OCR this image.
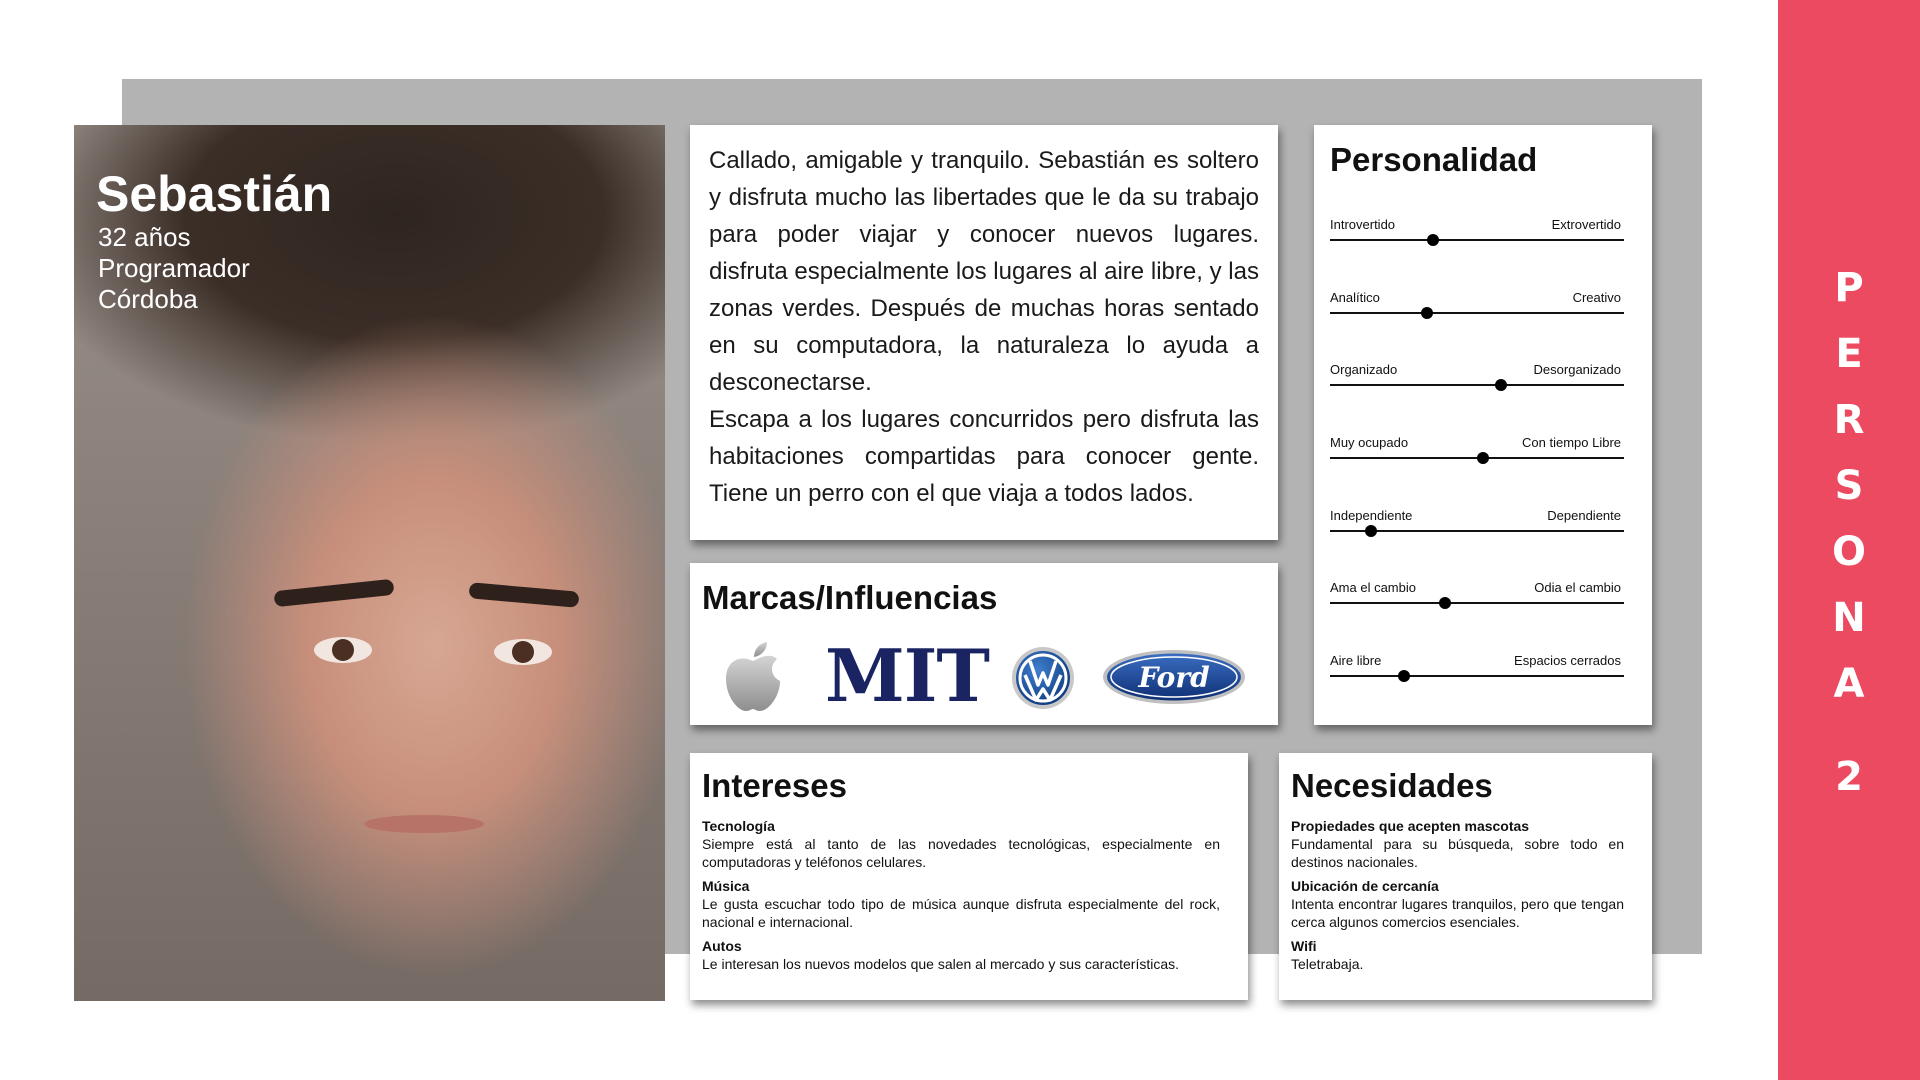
P
E
R
S
O
N
A
2
Sebastián
32 años
Programador
Córdoba

Callado, amigable y tranquilo. Sebastián es soltero y disfruta mucho las libertades que le da su trabajo para poder viajar y conocer nuevos lugares. disfruta especialmente los lugares al aire libre, y las zonas verdes. Después de muchas horas sentado en su computadora, la naturaleza lo ayuda a desconectarse.

Escapa a los lugares concurridos pero disfruta las habitaciones compartidas para conocer gente. Tiene un perro con el que viaja a todos lados.

Marcas/Influencias
MIT	Ford
Personalidad
Introvertido	Extrovertido
Analítico	Creativo
Organizado	Desorganizado
Muy ocupado	Con tiempo Libre
Independiente	Dependiente
Ama el cambio	Odia el cambio
Aire libre	Espacios cerrados
Intereses
Tecnología
Siempre está al tanto de las novedades tecnológicas, especialmente en computadoras y teléfonos celulares.
Música
Le gusta escuchar todo tipo de música aunque disfruta especialmente del rock, nacional e internacional.
Autos
Le interesan los nuevos modelos que salen al mercado y sus características.
Necesidades
Propiedades que acepten mascotas
Fundamental para su búsqueda, sobre todo en destinos nacionales.
Ubicación de cercanía
Intenta encontrar lugares tranquilos, pero que tengan cerca algunos comercios esenciales.
Wifi
Teletrabaja.
